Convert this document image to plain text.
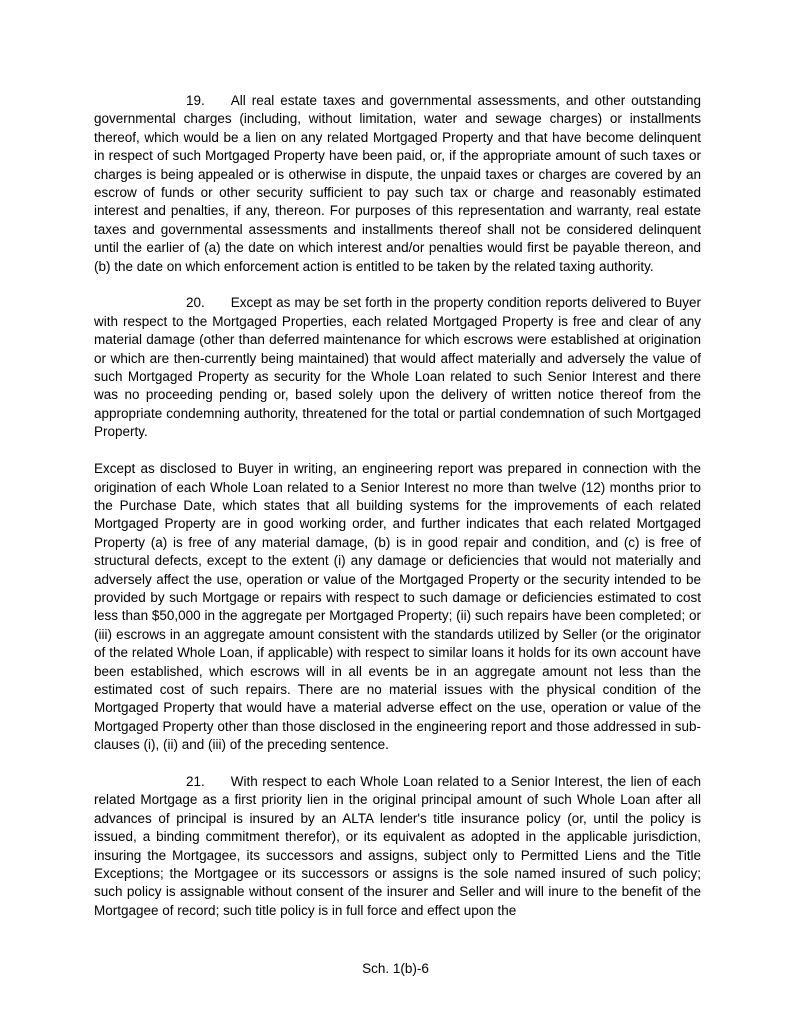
19. All real estate taxes and governmental assessments, and other outstanding governmental charges (including, without limitation, water and sewage charges) or installments thereof, which would be a lien on any related Mortgaged Property and that have become delinquent in respect of such Mortgaged Property have been paid, or, if the appropriate amount of such taxes or charges is being appealed or is otherwise in dispute, the unpaid taxes or charges are covered by an escrow of funds or other security sufficient to pay such tax or charge and reasonably estimated interest and penalties, if any, thereon. For purposes of this representation and warranty, real estate taxes and governmental assessments and installments thereof shall not be considered delinquent until the earlier of (a) the date on which interest and/or penalties would first be payable thereon, and (b) the date on which enforcement action is entitled to be taken by the related taxing authority.

20. Except as may be set forth in the property condition reports delivered to Buyer with respect to the Mortgaged Properties, each related Mortgaged Property is free and clear of any material damage (other than deferred maintenance for which escrows were established at origination or which are then-currently being maintained) that would affect materially and adversely the value of such Mortgaged Property as security for the Whole Loan related to such Senior Interest and there was no proceeding pending or, based solely upon the delivery of written notice thereof from the appropriate condemning authority, threatened for the total or partial condemnation of such Mortgaged Property.

Except as disclosed to Buyer in writing, an engineering report was prepared in connection with the origination of each Whole Loan related to a Senior Interest no more than twelve (12) months prior to the Purchase Date, which states that all building systems for the improvements of each related Mortgaged Property are in good working order, and further indicates that each related Mortgaged Property (a) is free of any material damage, (b) is in good repair and condition, and (c) is free of structural defects, except to the extent (i) any damage or deficiencies that would not materially and adversely affect the use, operation or value of the Mortgaged Property or the security intended to be provided by such Mortgage or repairs with respect to such damage or deficiencies estimated to cost less than $50,000 in the aggregate per Mortgaged Property; (ii) such repairs have been completed; or (iii) escrows in an aggregate amount consistent with the standards utilized by Seller (or the originator of the related Whole Loan, if applicable) with respect to similar loans it holds for its own account have been established, which escrows will in all events be in an aggregate amount not less than the estimated cost of such repairs. There are no material issues with the physical condition of the Mortgaged Property that would have a material adverse effect on the use, operation or value of the Mortgaged Property other than those disclosed in the engineering report and those addressed in sub-clauses (i), (ii) and (iii) of the preceding sentence.

21. With respect to each Whole Loan related to a Senior Interest, the lien of each related Mortgage as a first priority lien in the original principal amount of such Whole Loan after all advances of principal is insured by an ALTA lender's title insurance policy (or, until the policy is issued, a binding commitment therefor), or its equivalent as adopted in the applicable jurisdiction, insuring the Mortgagee, its successors and assigns, subject only to Permitted Liens and the Title Exceptions; the Mortgagee or its successors or assigns is the sole named insured of such policy; such policy is assignable without consent of the insurer and Seller and will inure to the benefit of the Mortgagee of record; such title policy is in full force and effect upon the

Sch. 1(b)-6
